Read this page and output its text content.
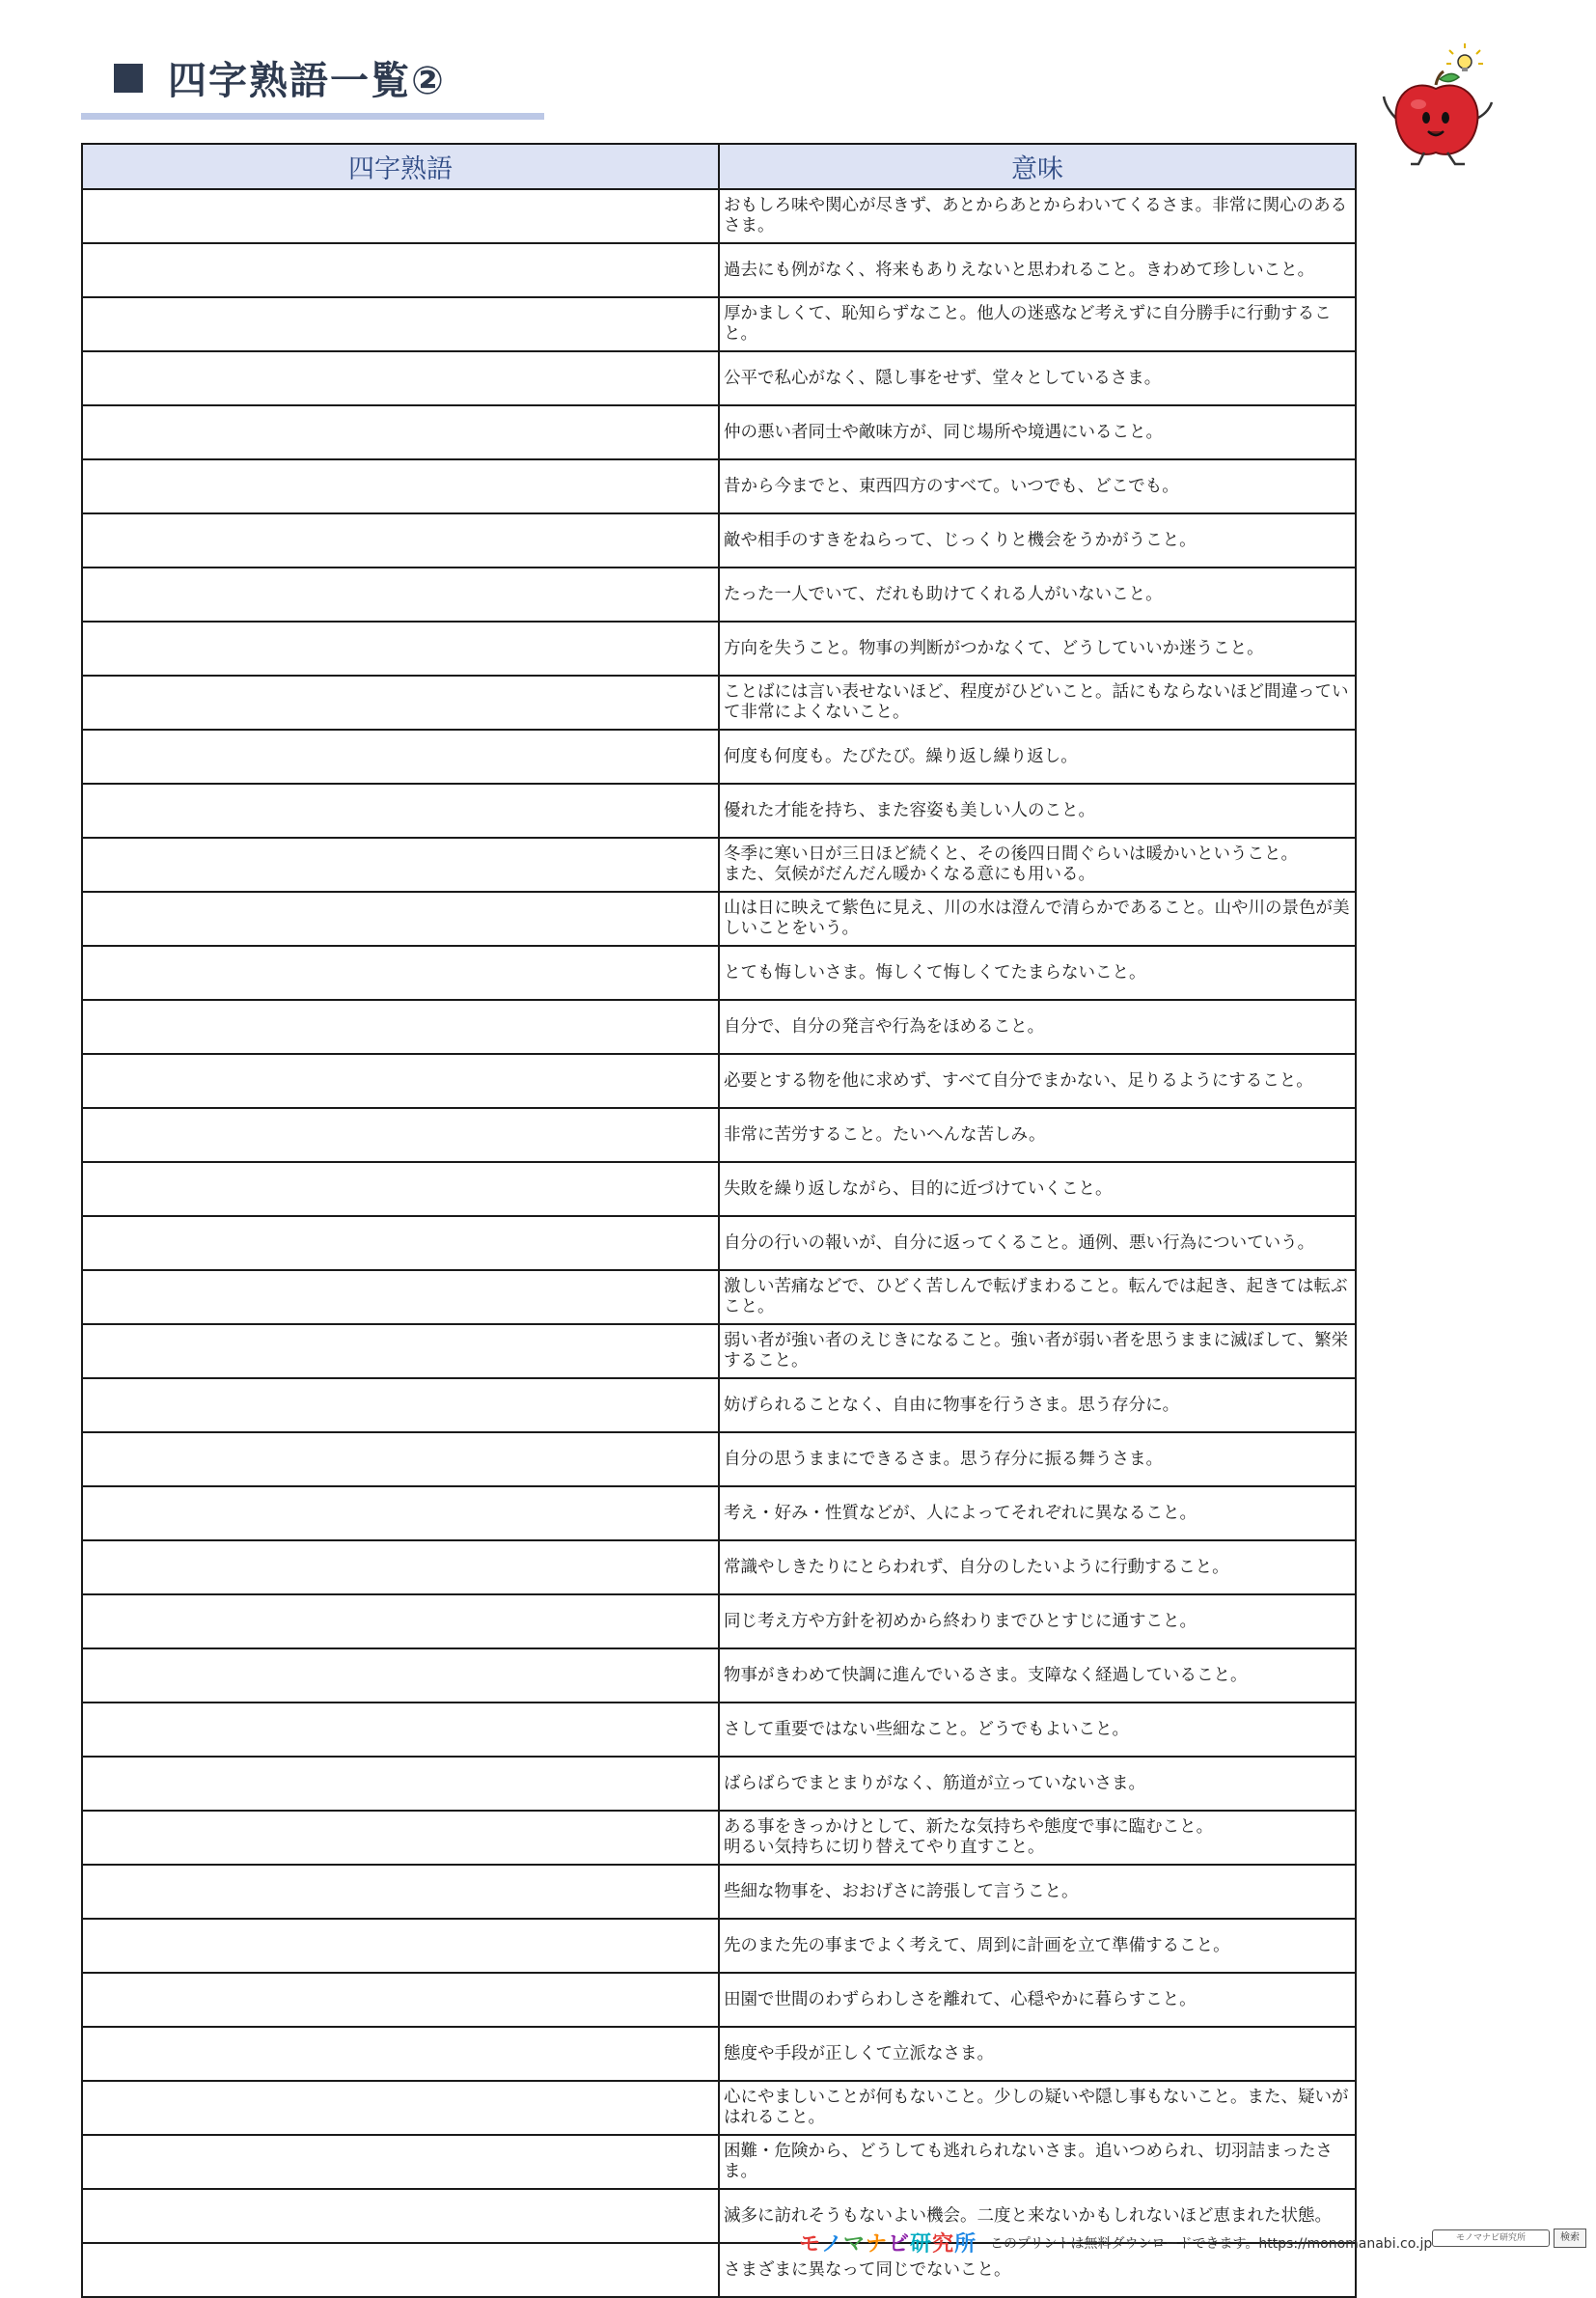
四字熟語一覧②
四字熟語	意味
	おもしろ味や関心が尽きず、あとからあとからわいてくるさま。非常に関心のあるさま。
	過去にも例がなく、将来もありえないと思われること。きわめて珍しいこと。
	厚かましくて、恥知らずなこと。他人の迷惑など考えずに自分勝手に行動すること。
	公平で私心がなく、隠し事をせず、堂々としているさま。
	仲の悪い者同士や敵味方が、同じ場所や境遇にいること。
	昔から今までと、東西四方のすべて。いつでも、どこでも。
	敵や相手のすきをねらって、じっくりと機会をうかがうこと。
	たった一人でいて、だれも助けてくれる人がいないこと。
	方向を失うこと。物事の判断がつかなくて、どうしていいか迷うこと。
	ことばには言い表せないほど、程度がひどいこと。話にもならないほど間違っていて非常によくないこと。
	何度も何度も。たびたび。繰り返し繰り返し。
	優れた才能を持ち、また容姿も美しい人のこと。
	冬季に寒い日が三日ほど続くと、その後四日間ぐらいは暖かいということ。
また、気候がだんだん暖かくなる意にも用いる。
	山は日に映えて紫色に見え、川の水は澄んで清らかであること。山や川の景色が美しいことをいう。
	とても悔しいさま。悔しくて悔しくてたまらないこと。
	自分で、自分の発言や行為をほめること。
	必要とする物を他に求めず、すべて自分でまかない、足りるようにすること。
	非常に苦労すること。たいへんな苦しみ。
	失敗を繰り返しながら、目的に近づけていくこと。
	自分の行いの報いが、自分に返ってくること。通例、悪い行為についていう。
	激しい苦痛などで、ひどく苦しんで転げまわること。転んでは起き、起きては転ぶこと。
	弱い者が強い者のえじきになること。強い者が弱い者を思うままに滅ぼして、繁栄すること。
	妨げられることなく、自由に物事を行うさま。思う存分に。
	自分の思うままにできるさま。思う存分に振る舞うさま。
	考え・好み・性質などが、人によってそれぞれに異なること。
	常識やしきたりにとらわれず、自分のしたいように行動すること。
	同じ考え方や方針を初めから終わりまでひとすじに通すこと。
	物事がきわめて快調に進んでいるさま。支障なく経過していること。
	さして重要ではない些細なこと。どうでもよいこと。
	ばらばらでまとまりがなく、筋道が立っていないさま。
	ある事をきっかけとして、新たな気持ちや態度で事に臨むこと。
明るい気持ちに切り替えてやり直すこと。
	些細な物事を、おおげさに誇張して言うこと。
	先のまた先の事までよく考えて、周到に計画を立て準備すること。
	田園で世間のわずらわしさを離れて、心穏やかに暮らすこと。
	態度や手段が正しくて立派なさま。
	心にやましいことが何もないこと。少しの疑いや隠し事もないこと。また、疑いがはれること。
	困難・危険から、どうしても逃れられないさま。追いつめられ、切羽詰まったさま。
	滅多に訪れそうもないよい機会。二度と来ないかもしれないほど恵まれた状態。
	さまざまに異なって同じでないこと。
モノマナビ研究所 このプリントは無料ダウンロードできます。https://monomanabi.co.jp	モノマナビ研究所	検索
